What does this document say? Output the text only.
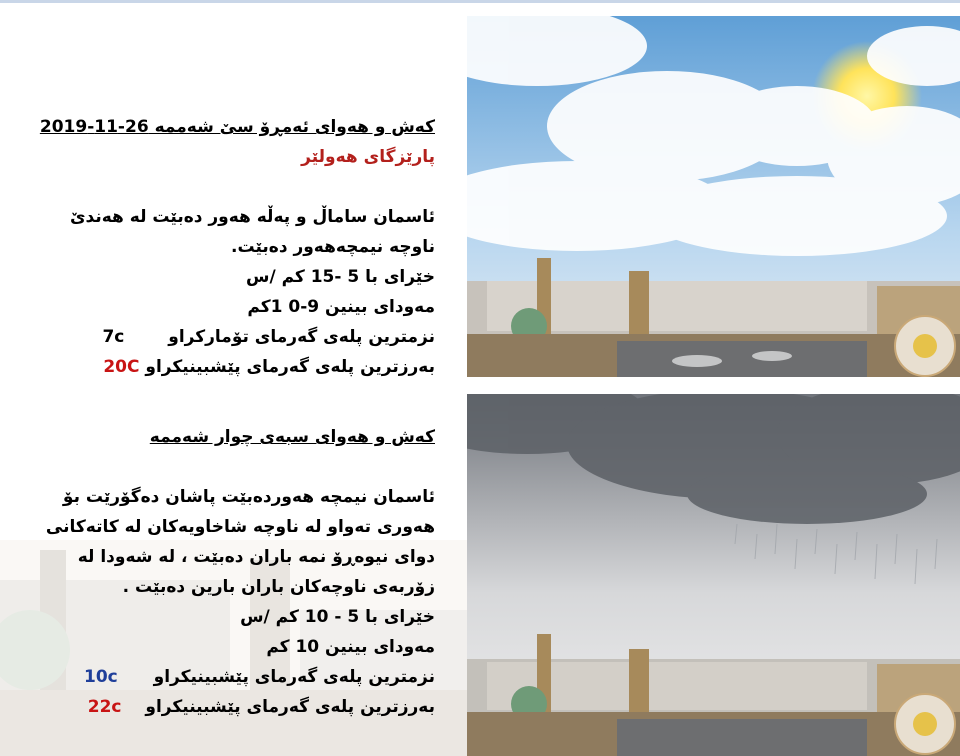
کەش و هەوای ئەمڕۆ سێ شەممە 26-11-2019
پارێزگای هەولێر
ئاسمان ساماڵ و پەڵە هەور دەبێت لە هەندێ ناوچە نیمچەهەور دەبێت.
خێرای با 5 -15 کم /س
مەودای بینین 9-0 1کم
نزمترین پلەی گەرمای تۆمارکراو 7c
بەرزترین پلەی گەرمای پێشبینیکراو 20C
کەش و هەوای سبەی چوار شەممە
ئاسمان نیمچە هەوردەبێت پاشان دەگۆرێت بۆ هەوری تەواو لە ناوچە شاخاویەکان لە کاتەکانی دوای نیوەڕۆ نمە باران دەبێت ، لە شەودا لە زۆربەی ناوچەکان باران بارین دەبێت .
خێرای با 5 - 10 کم /س
مەودای بینین 10 کم
نزمترین پلەی گەرمای پێشبینیکراو 10c
بەرزترین پلەی گەرمای پێشبینیکراو 22c
